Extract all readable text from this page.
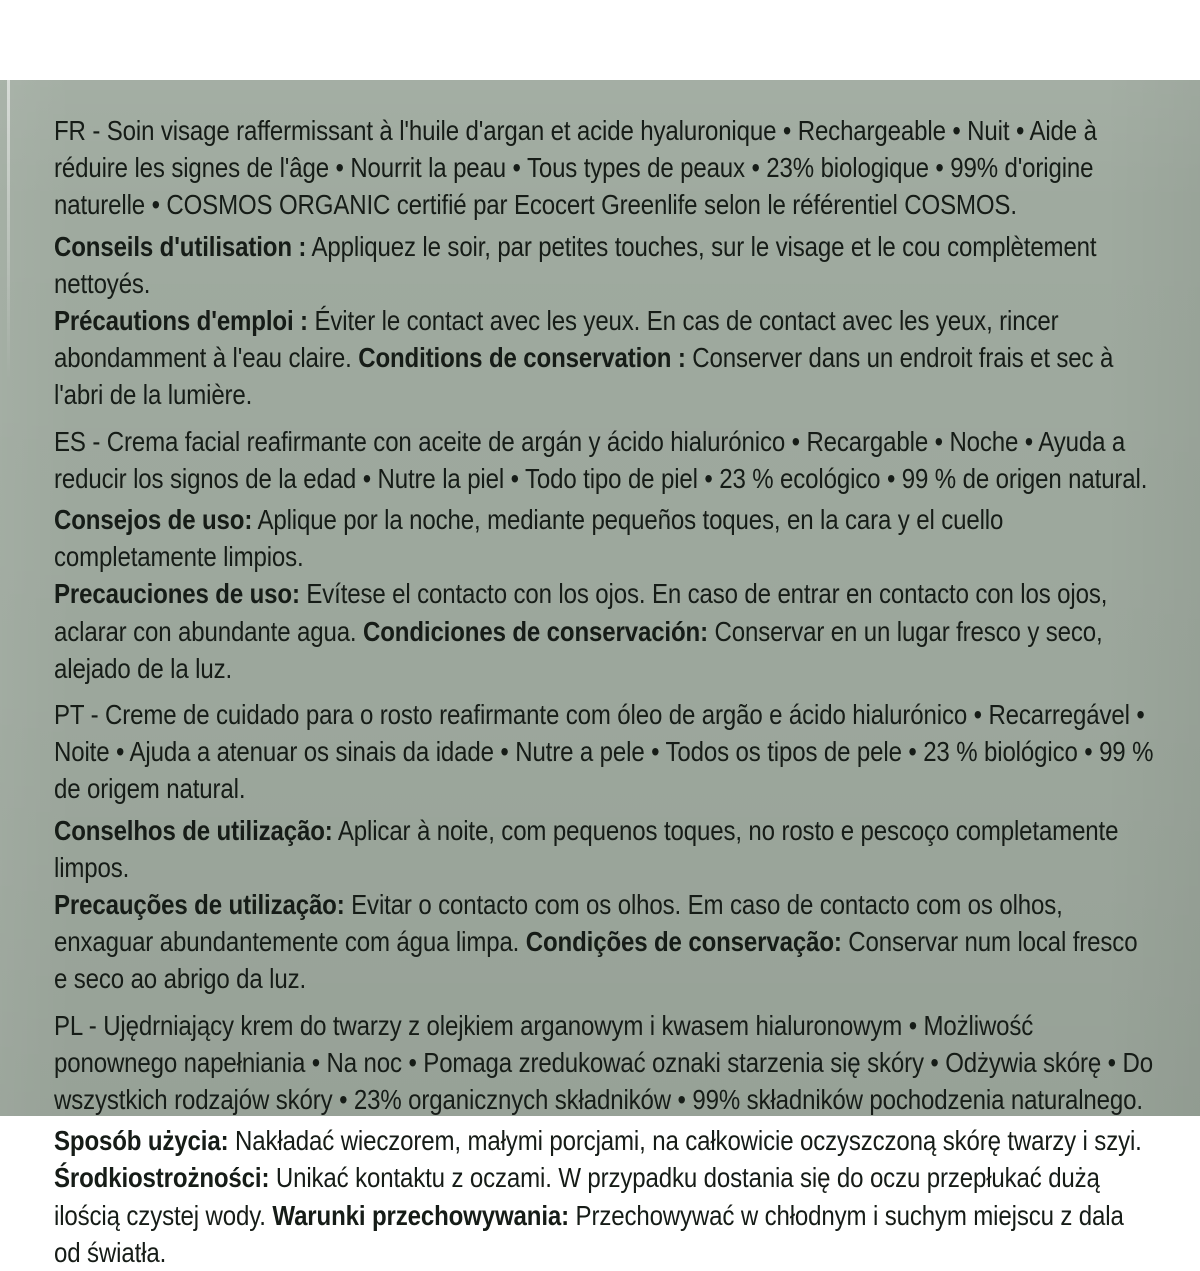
FR - Soin visage raffermissant à l'huile d'argan et acide hyaluronique • Rechargeable • Nuit • Aide à réduire les signes de l'âge • Nourrit la peau • Tous types de peaux • 23% biologique • 99% d'origine naturelle • COSMOS ORGANIC certifié par Ecocert Greenlife selon le référentiel COSMOS.
Conseils d'utilisation : Appliquez le soir, par petites touches, sur le visage et le cou complètement nettoyés.
Précautions d'emploi : Éviter le contact avec les yeux. En cas de contact avec les yeux, rincer abondamment à l'eau claire. Conditions de conservation : Conserver dans un endroit frais et sec à l'abri de la lumière.
ES - Crema facial reafirmante con aceite de argán y ácido hialurónico • Recargable • Noche • Ayuda a reducir los signos de la edad • Nutre la piel • Todo tipo de piel • 23 % ecológico • 99 % de origen natural.
Consejos de uso: Aplique por la noche, mediante pequeños toques, en la cara y el cuello completamente limpios.
Precauciones de uso: Evítese el contacto con los ojos. En caso de entrar en contacto con los ojos, aclarar con abundante agua. Condiciones de conservación: Conservar en un lugar fresco y seco, alejado de la luz.
PT - Creme de cuidado para o rosto reafirmante com óleo de argão e ácido hialurónico • Recarregável • Noite • Ajuda a atenuar os sinais da idade • Nutre a pele • Todos os tipos de pele • 23 % biológico • 99 % de origem natural.
Conselhos de utilização: Aplicar à noite, com pequenos toques, no rosto e pescoço completamente limpos.
Precauções de utilização: Evitar o contacto com os olhos. Em caso de contacto com os olhos, enxaguar abundantemente com água limpa. Condições de conservação: Conservar num local fresco e seco ao abrigo da luz.
PL - Ujędrniający krem do twarzy z olejkiem arganowym i kwasem hialuronowym • Możliwość ponownego napełniania • Na noc • Pomaga zredukować oznaki starzenia się skóry • Odżywia skórę • Do wszystkich rodzajów skóry • 23% organicznych składników • 99% składników pochodzenia naturalnego.
Sposób użycia: Nakładać wieczorem, małymi porcjami, na całkowicie oczyszczoną skórę twarzy i szyi.
Środkiostrożności: Unikać kontaktu z oczami. W przypadku dostania się do oczu przepłukać dużą ilością czystej wody. Warunki przechowywania: Przechowywać w chłodnym i suchym miejscu z dala od światła.
